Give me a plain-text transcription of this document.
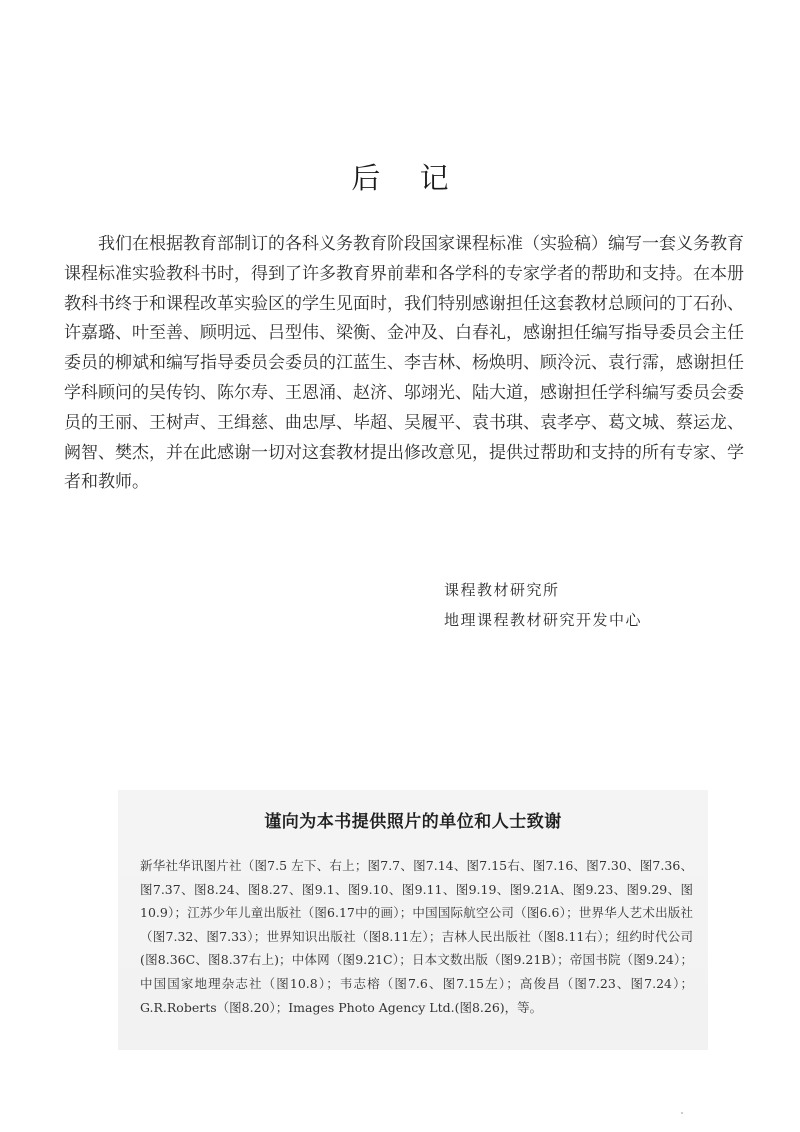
后 记

我们在根据教育部制订的各科义务教育阶段国家课程标准（实验稿）编写一套义务教育课程标准实验教科书时，得到了许多教育界前辈和各学科的专家学者的帮助和支持。在本册教科书终于和课程改革实验区的学生见面时，我们特别感谢担任这套教材总顾问的丁石孙、许嘉璐、叶至善、顾明远、吕型伟、梁衡、金冲及、白春礼，感谢担任编写指导委员会主任委员的柳斌和编写指导委员会委员的江蓝生、李吉林、杨焕明、顾泠沅、袁行霈，感谢担任学科顾问的吴传钧、陈尔寿、王恩涌、赵济、邬翊光、陆大道，感谢担任学科编写委员会委员的王丽、王树声、王缉慈、曲忠厚、毕超、吴履平、袁书琪、袁孝亭、葛文城、蔡运龙、阙智、樊杰，并在此感谢一切对这套教材提出修改意见，提供过帮助和支持的所有专家、学者和教师。

课程教材研究所
地理课程教材研究开发中心
谨向为本书提供照片的单位和人士致谢

新华社华讯图片社（图7.5 左下、右上；图7.7、图7.14、图7.15右、图7.16、图7.30、图7.36、图7.37、图8.24、图8.27、图9.1、图9.10、图9.11、图9.19、图9.21A、图9.23、图9.29、图10.9）；江苏少年儿童出版社（图6.17中的画）；中国国际航空公司（图6.6）；世界华人艺术出版社（图7.32、图7.33）；世界知识出版社（图8.11左）；吉林人民出版社（图8.11右）；纽约时代公司(图8.36C、图8.37右上)；中体网（图9.21C）；日本文数出版（图9.21B）；帝国书院（图9.24）；中国国家地理杂志社（图10.8）；韦志榕（图7.6、图7.15左）；高俊昌（图7.23、图7.24）；G.R.Roberts（图8.20）；Images Photo Agency Ltd.(图8.26)，等。
